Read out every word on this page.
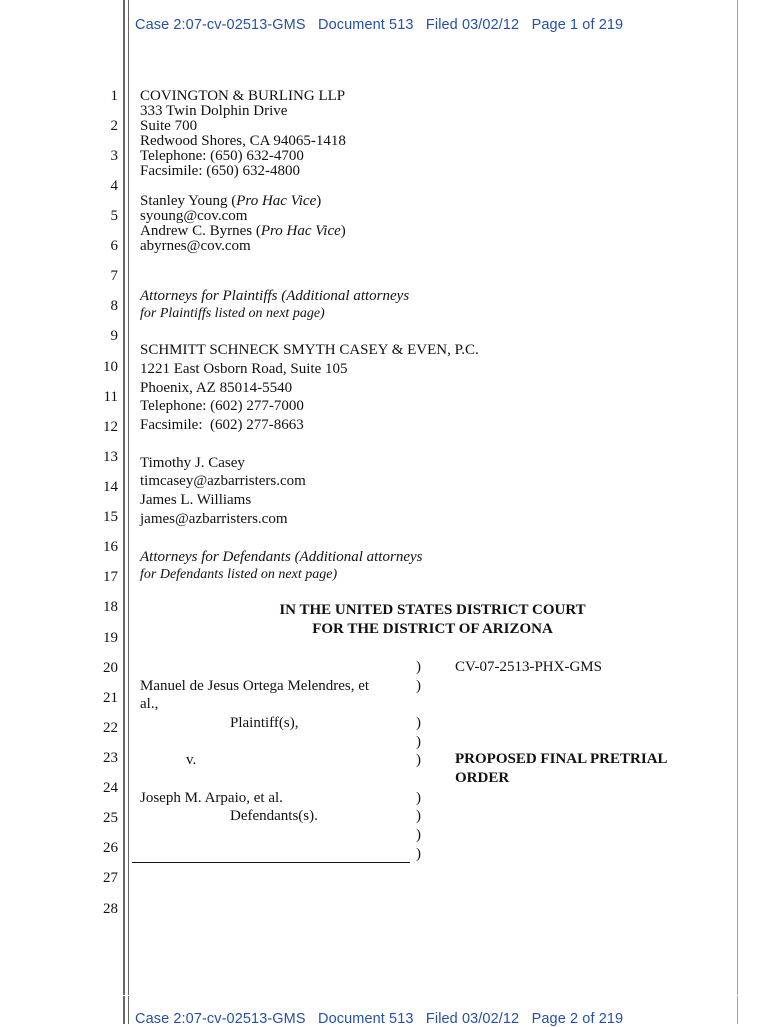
Case 2:07-cv-02513-GMS   Document 513   Filed 03/02/12   Page 1 of 219
Case 2:07-cv-02513-GMS   Document 513   Filed 03/02/12   Page 2 of 219
1
2
3
4
5
6
7
8
9
10
11
12
13
14
15
16
17
18
19
20
21
22
23
24
25
26
27
28
COVINGTON & BURLING LLP
333 Twin Dolphin Drive
Suite 700
Redwood Shores, CA 94065-1418
Telephone: (650) 632-4700
Facsimile: (650) 632-4800
Stanley Young (Pro Hac Vice)
syoung@cov.com
Andrew C. Byrnes (Pro Hac Vice)
abyrnes@cov.com
Attorneys for Plaintiffs (Additional attorneys
for Plaintiffs listed on next page)
SCHMITT SCHNECK SMYTH CASEY & EVEN, P.C.
1221 East Osborn Road, Suite 105
Phoenix, AZ 85014-5540
Telephone: (602) 277-7000
Facsimile:  (602) 277-8663
Timothy J. Casey
timcasey@azbarristers.com
James L. Williams
james@azbarristers.com
Attorneys for Defendants (Additional attorneys
for Defendants listed on next page)
IN THE UNITED STATES DISTRICT COURT
FOR THE DISTRICT OF ARIZONA
Manuel de Jesus Ortega Melendres, et
al.,
Plaintiff(s),
v.
Joseph M. Arpaio, et al.
Defendants(s).
)
)
)
)
)
)
)
)
)
CV-07-2513-PHX-GMS
PROPOSED FINAL PRETRIAL
ORDER
